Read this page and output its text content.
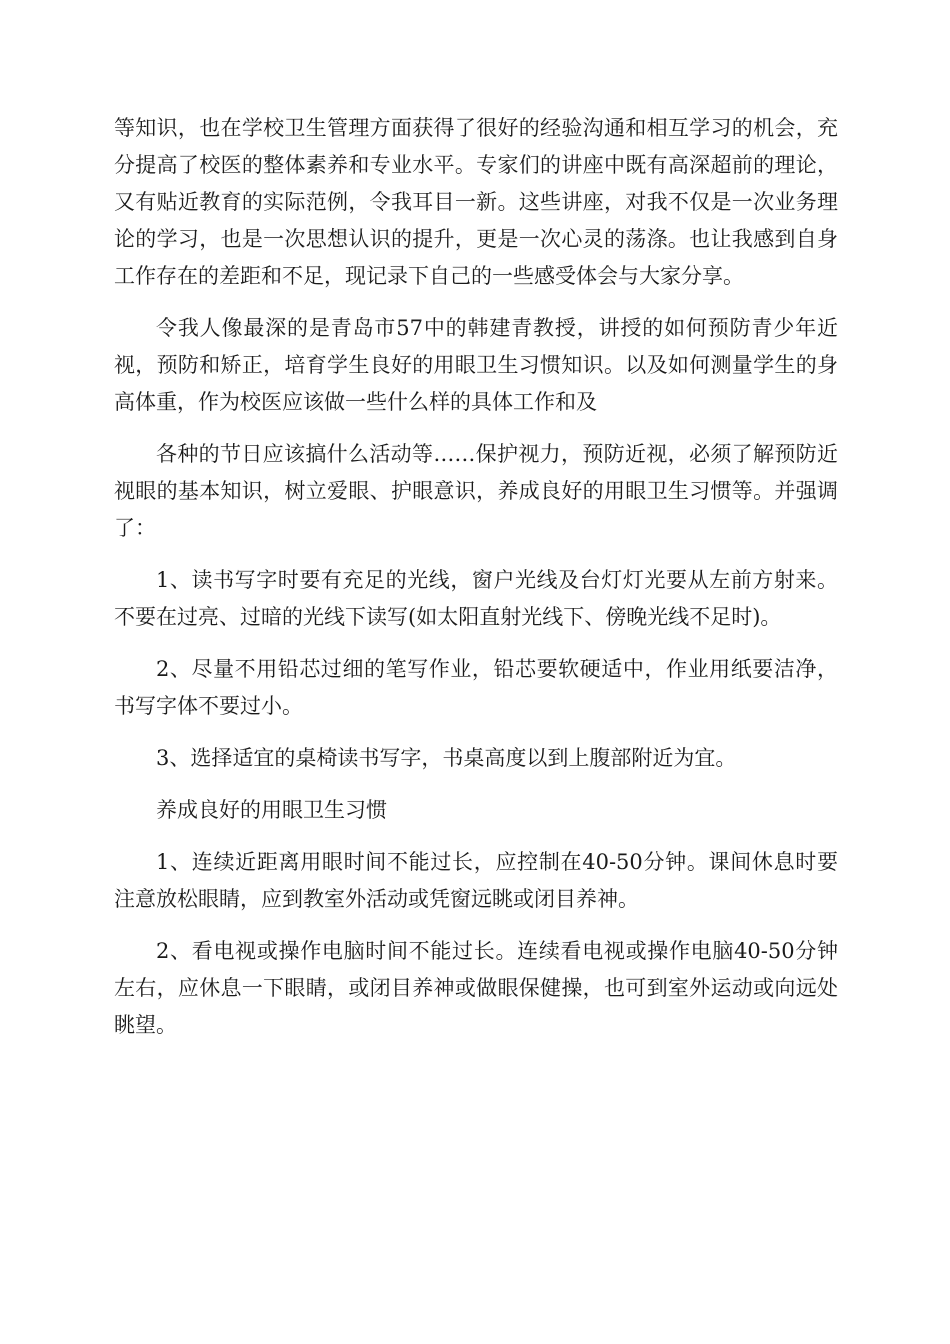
等知识，也在学校卫生管理方面获得了很好的经验沟通和相互学习的机会，充分提高了校医的整体素养和专业水平。专家们的讲座中既有高深超前的理论，又有贴近教育的实际范例，令我耳目一新。这些讲座，对我不仅是一次业务理论的学习，也是一次思想认识的提升，更是一次心灵的荡涤。也让我感到自身工作存在的差距和不足，现记录下自己的一些感受体会与大家分享。

令我人像最深的是青岛市57中的韩建青教授，讲授的如何预防青少年近视，预防和矫正，培育学生良好的用眼卫生习惯知识。以及如何测量学生的身高体重，作为校医应该做一些什么样的具体工作和及

各种的节日应该搞什么活动等……保护视力，预防近视，必须了解预防近视眼的基本知识，树立爱眼、护眼意识，养成良好的用眼卫生习惯等。并强调了：

1、读书写字时要有充足的光线，窗户光线及台灯灯光要从左前方射来。不要在过亮、过暗的光线下读写(如太阳直射光线下、傍晚光线不足时)。

2、尽量不用铅芯过细的笔写作业，铅芯要软硬适中，作业用纸要洁净，书写字体不要过小。

3、选择适宜的桌椅读书写字，书桌高度以到上腹部附近为宜。

养成良好的用眼卫生习惯

1、连续近距离用眼时间不能过长，应控制在40-50分钟。课间休息时要注意放松眼睛，应到教室外活动或凭窗远眺或闭目养神。

2、看电视或操作电脑时间不能过长。连续看电视或操作电脑40-50分钟左右，应休息一下眼睛，或闭目养神或做眼保健操，也可到室外运动或向远处眺望。
